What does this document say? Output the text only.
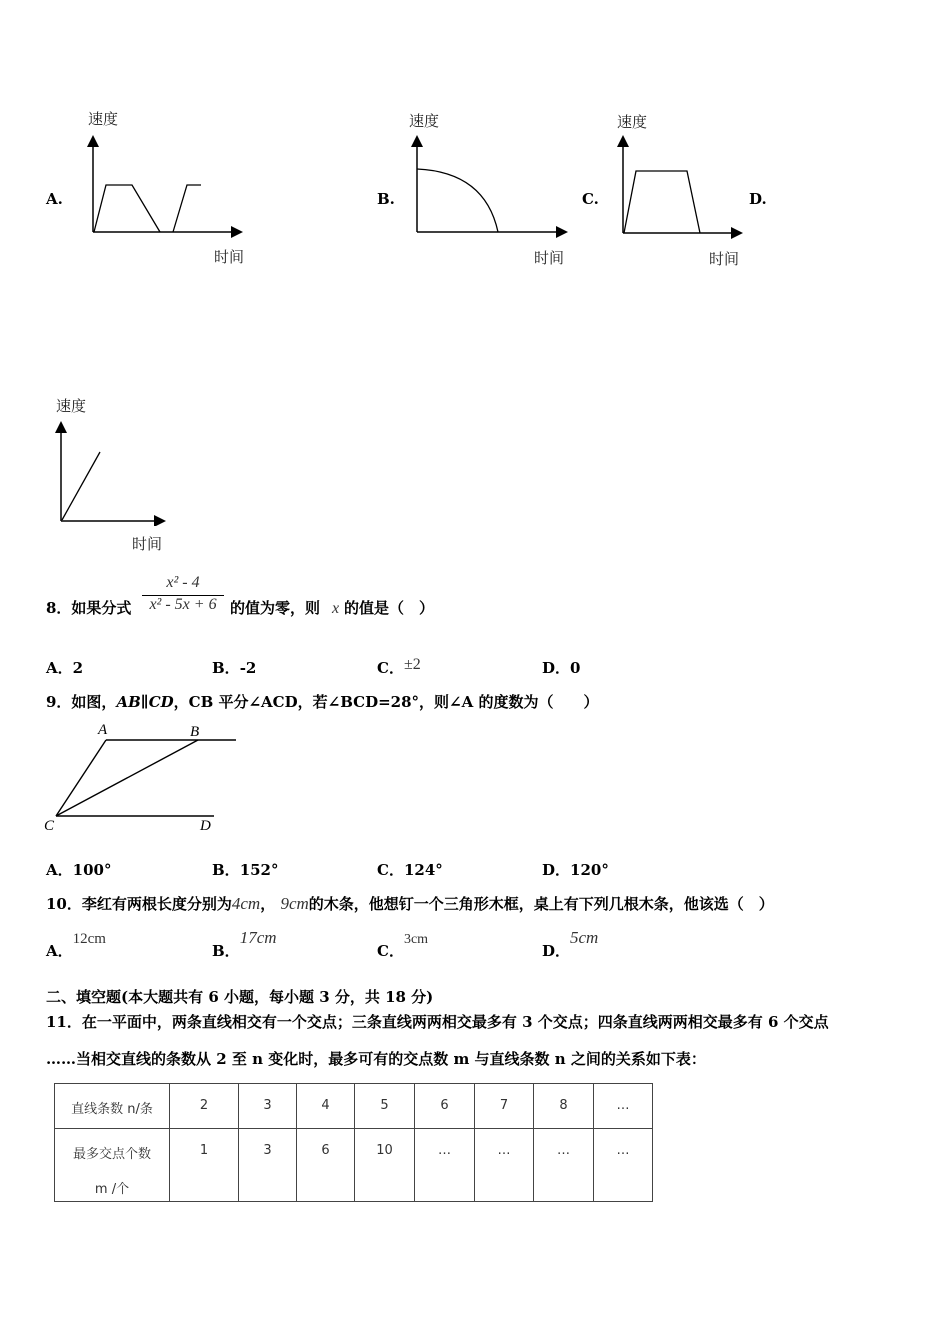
速度
时间
A.
速度
时间
B.
速度
时间
C.	D.
速度
时间
8．如果分式
x² - 4
x² - 5x + 6 的值为零，则 x 的值是（　）
A．2	B．-2	C．±2	D．0
9．如图，AB∥CD，CB 平分∠ACD，若∠BCD=28°，则∠A 的度数为（　　）
A	B
C	D
A．100°	B．152°	C．124°	D．120°
10．李红有两根长度分别为4cm， 9cm的木条，他想钉一个三角形木框，桌上有下列几根木条，他该选（　）
A．12cm
B．17cm
C．3cm
D．5cm
二、填空题(本大题共有 6 小题，每小题 3 分，共 18 分)
11．在一平面中，两条直线相交有一个交点；三条直线两两相交最多有 3 个交点；四条直线两两相交最多有 6 个交点
……当相交直线的条数从 2 至 n 变化时，最多可有的交点数 m 与直线条数 n 之间的关系如下表：
直线条数 n/条	2	3	4	5	6	7	8	…

最多交点个数
m /个	1	3	6	10	…	…	…	…
